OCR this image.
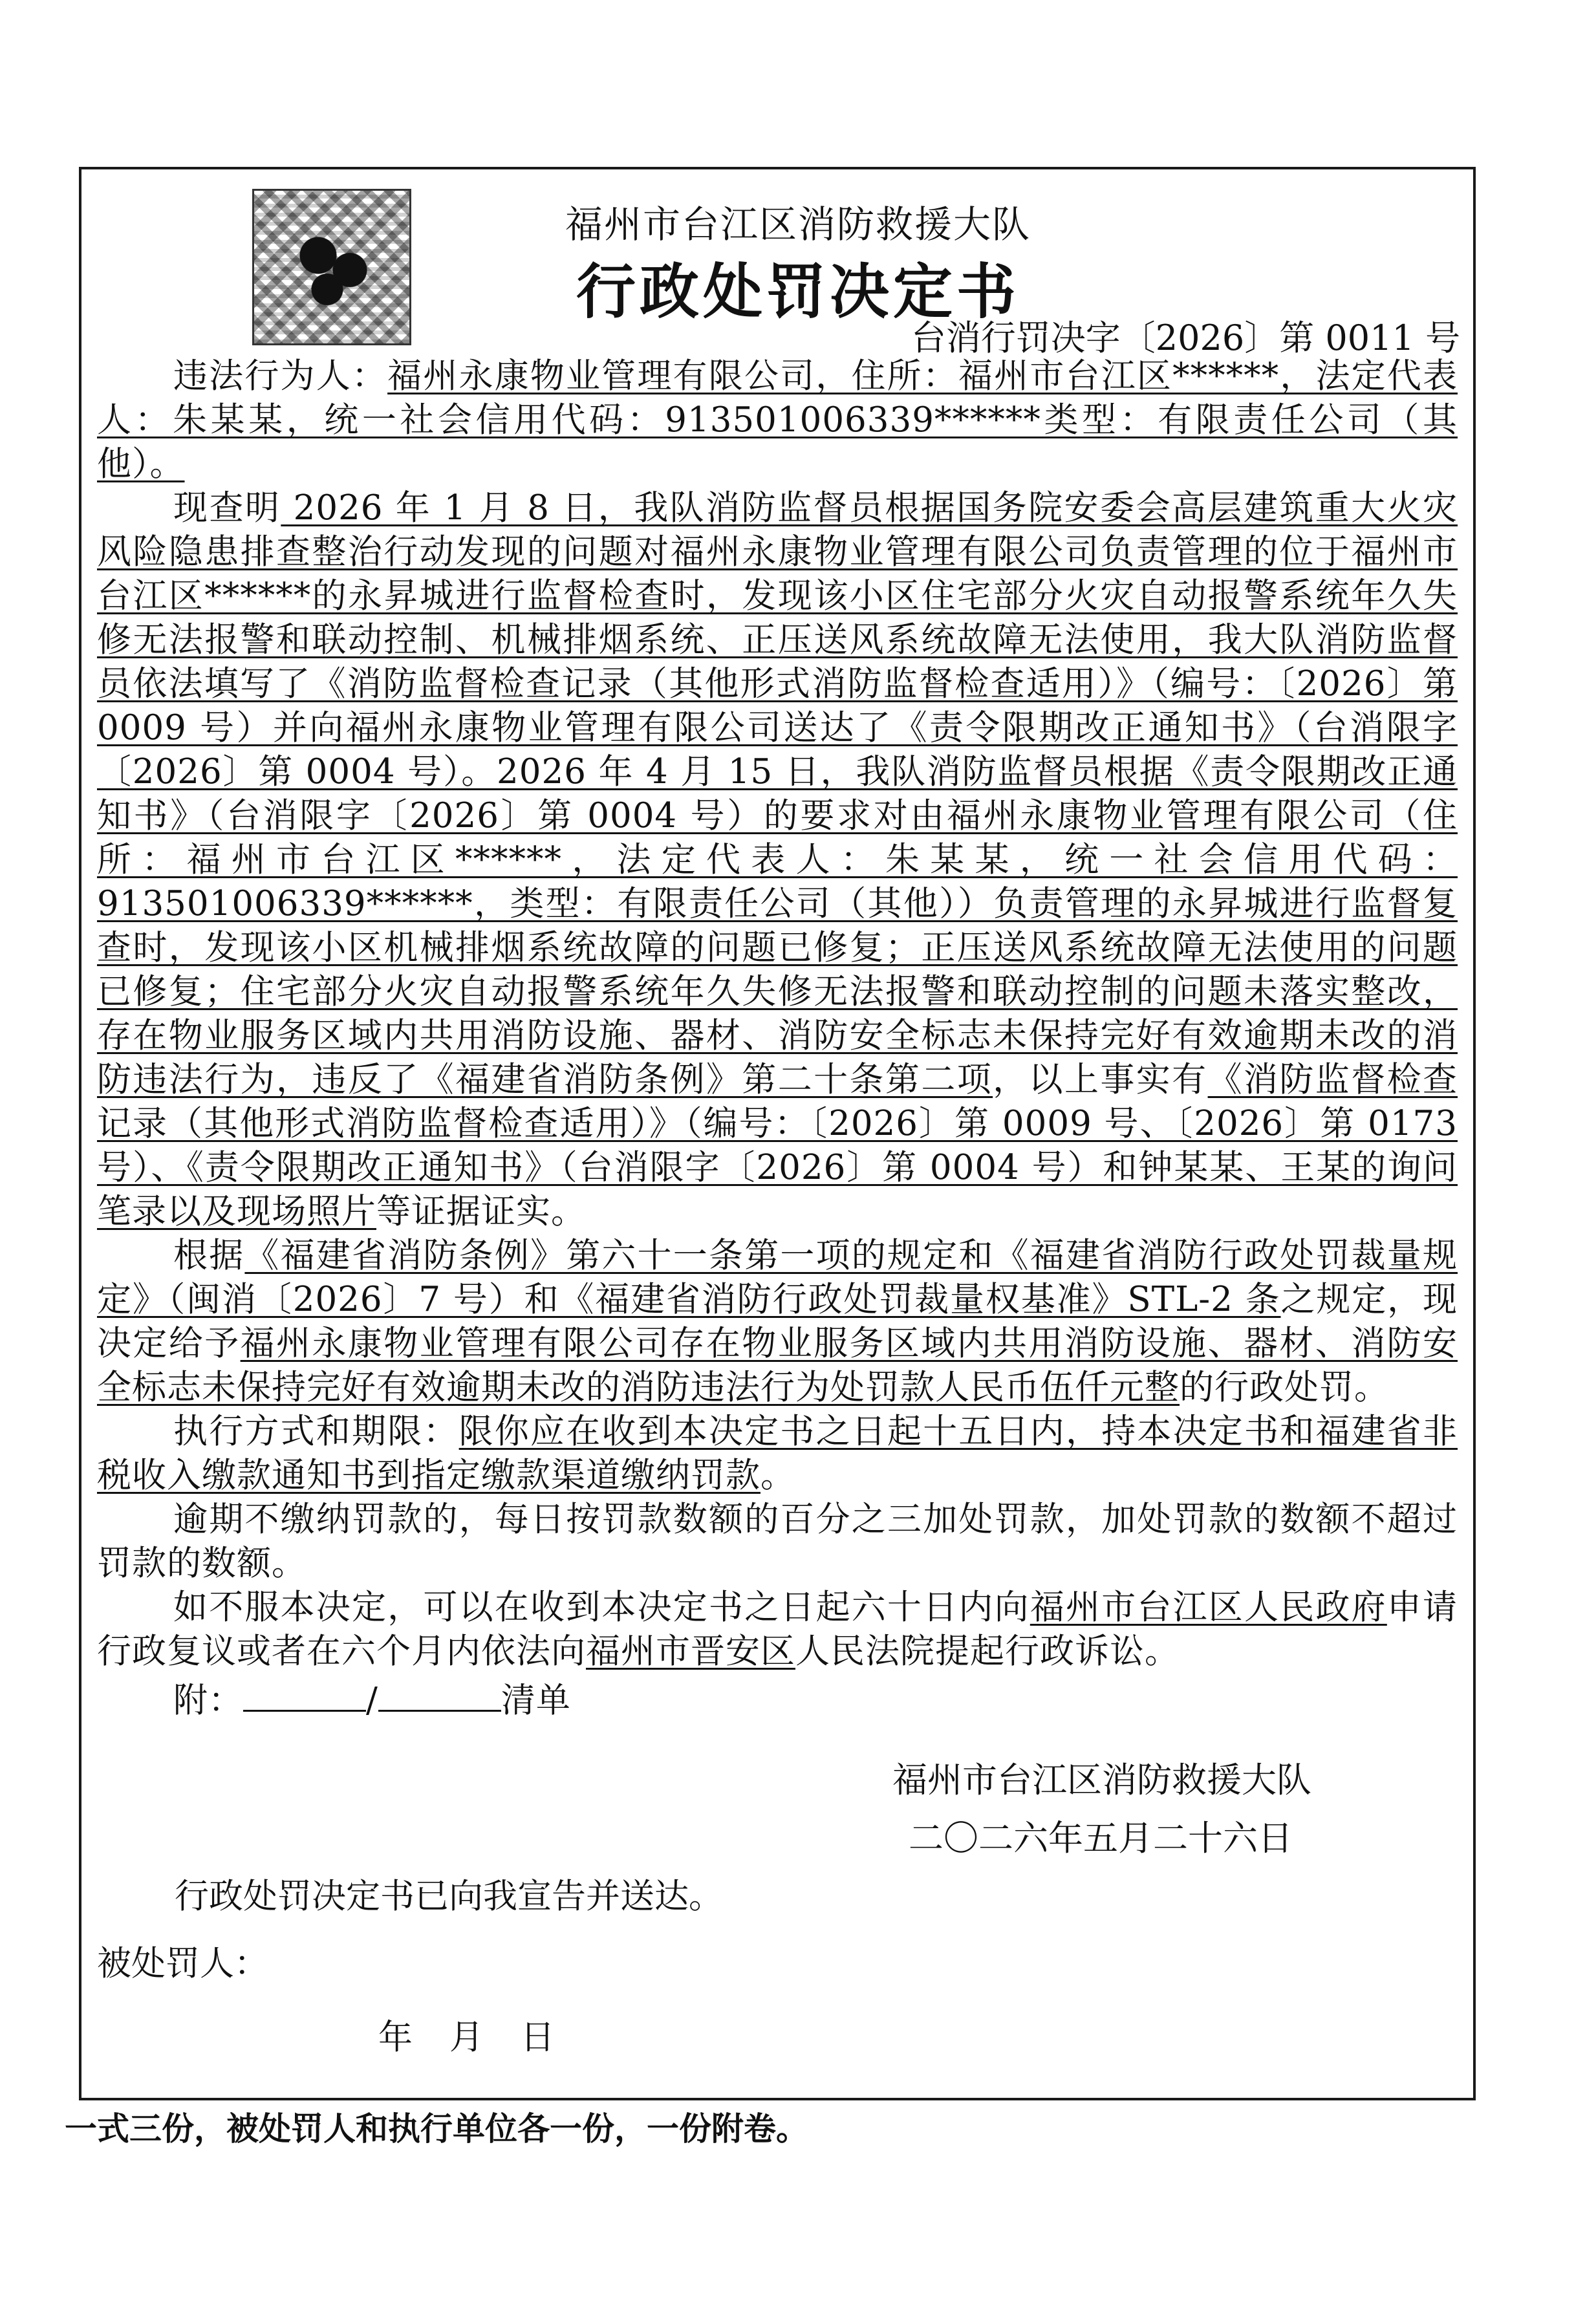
福州市台江区消防救援大队
行政处罚决定书
台消行罚决字〔2026〕第 0011 号

违法行为人：福州永康物业管理有限公司，住所：福州市台江区******，法定代表人：朱某某，统一社会信用代码：913501006339******类型：有限责任公司（其他）。

现查明 2026 年 1 月 8 日，我队消防监督员根据国务院安委会高层建筑重大火灾风险隐患排查整治行动发现的问题对福州永康物业管理有限公司负责管理的位于福州市台江区******的永昇城进行监督检查时，发现该小区住宅部分火灾自动报警系统年久失修无法报警和联动控制、机械排烟系统、正压送风系统故障无法使用，我大队消防监督员依法填写了《消防监督检查记录（其他形式消防监督检查适用）》（编号：〔2026〕第 0009 号）并向福州永康物业管理有限公司送达了《责令限期改正通知书》（台消限字〔2026〕第 0004 号）。2026 年 4 月 15 日，我队消防监督员根据《责令限期改正通知书》（台消限字〔2026〕第 0004 号）的要求对由福州永康物业管理有限公司（住所：福州市台江区******，法定代表人：朱某某，统一社会信用代码：913501006339******，类型：有限责任公司（其他））负责管理的永昇城进行监督复查时，发现该小区机械排烟系统故障的问题已修复；正压送风系统故障无法使用的问题已修复；住宅部分火灾自动报警系统年久失修无法报警和联动控制的问题未落实整改，存在物业服务区域内共用消防设施、器材、消防安全标志未保持完好有效逾期未改的消防违法行为，违反了《福建省消防条例》第二十条第二项，以上事实有《消防监督检查记录（其他形式消防监督检查适用）》（编号：〔2026〕第 0009 号、〔2026〕第 0173 号）、《责令限期改正通知书》（台消限字〔2026〕第 0004 号）和钟某某、王某的询问笔录以及现场照片等证据证实。

根据《福建省消防条例》第六十一条第一项的规定和《福建省消防行政处罚裁量规定》（闽消〔2026〕7 号）和《福建省消防行政处罚裁量权基准》STL-2 条之规定，现决定给予福州永康物业管理有限公司存在物业服务区域内共用消防设施、器材、消防安全标志未保持完好有效逾期未改的消防违法行为处罚款人民币伍仟元整的行政处罚。

执行方式和期限：限你应在收到本决定书之日起十五日内，持本决定书和福建省非税收入缴款通知书到指定缴款渠道缴纳罚款。

逾期不缴纳罚款的，每日按罚款数额的百分之三加处罚款，加处罚款的数额不超过罚款的数额。

如不服本决定，可以在收到本决定书之日起六十日内向福州市台江区人民政府申请行政复议或者在六个月内依法向福州市晋安区人民法院提起行政诉讼。

附：	/	清单

福州市台江区消防救援大队
二〇二六年五月二十六日
行政处罚决定书已向我宣告并送达。
被处罚人：
年 月 日
一式三份，被处罚人和执行单位各一份，一份附卷。
